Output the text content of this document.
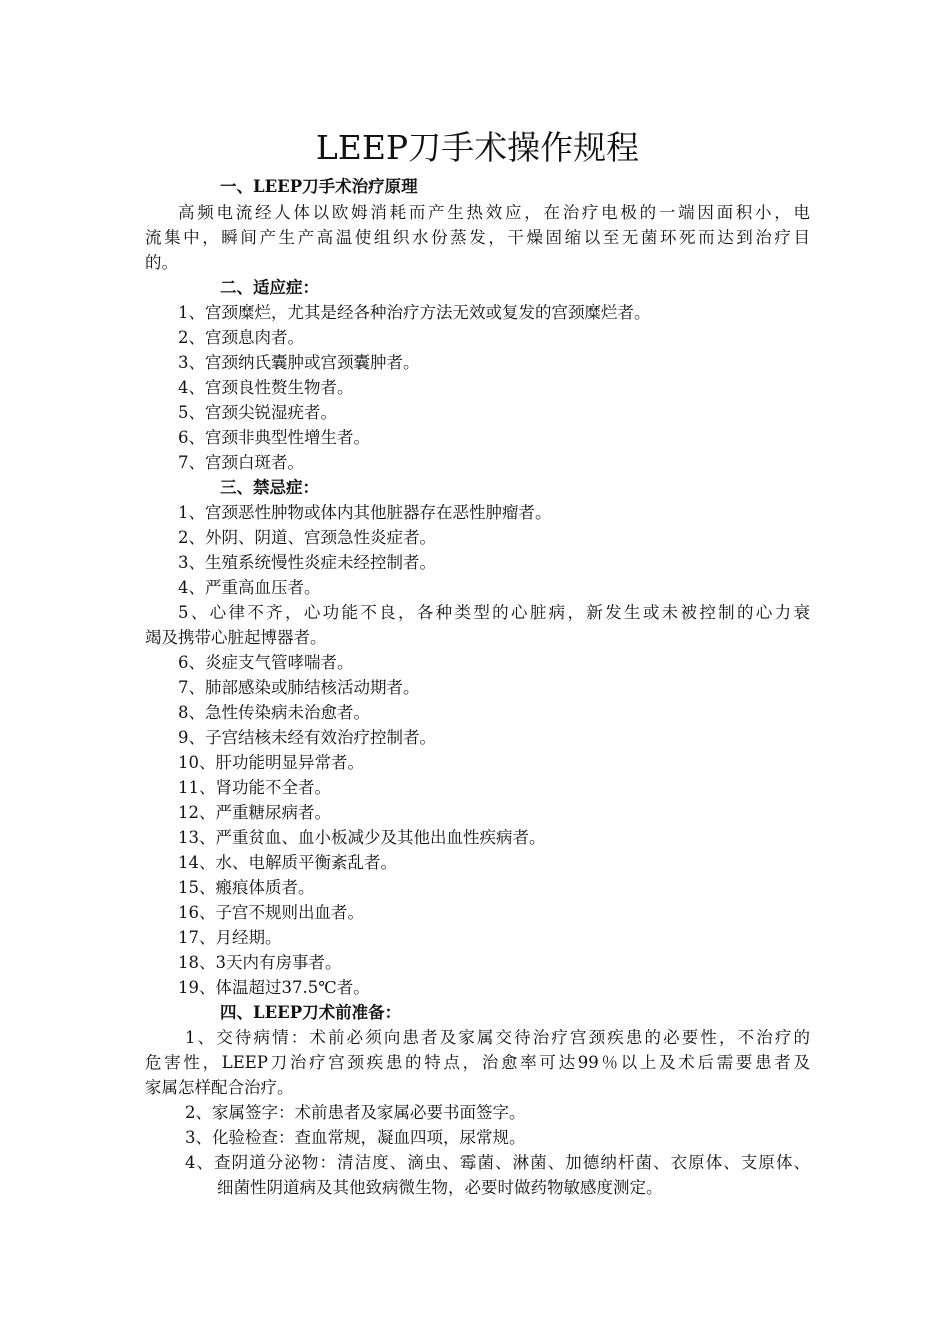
LEEP刀手术操作规程
一、LEEP刀手术治疗原理
高频电流经人体以欧姆消耗而产生热效应，在治疗电极的一端因面积小，电
流集中，瞬间产生产高温使组织水份蒸发，干燥固缩以至无菌环死而达到治疗目
的。
二、适应症：
1、宫颈糜烂，尤其是经各种治疗方法无效或复发的宫颈糜烂者。
2、宫颈息肉者。
3、宫颈纳氏囊肿或宫颈囊肿者。
4、宫颈良性赘生物者。
5、宫颈尖锐湿疣者。
6、宫颈非典型性增生者。
7、宫颈白斑者。
三、禁忌症：
1、宫颈恶性肿物或体内其他脏器存在恶性肿瘤者。
2、外阴、阴道、宫颈急性炎症者。
3、生殖系统慢性炎症未经控制者。
4、严重高血压者。
5、心律不齐，心功能不良，各种类型的心脏病，新发生或未被控制的心力衰
竭及携带心脏起博器者。
6、炎症支气管哮喘者。
7、肺部感染或肺结核活动期者。
8、急性传染病未治愈者。
9、子宫结核未经有效治疗控制者。
10、肝功能明显异常者。
11、肾功能不全者。
12、严重糖尿病者。
13、严重贫血、血小板减少及其他出血性疾病者。
14、水、电解质平衡紊乱者。
15、瘢痕体质者。
16、子宫不规则出血者。
17、月经期。
18、3天内有房事者。
19、体温超过37.5℃者。
四、LEEP刀术前准备：
1、交待病情：术前必须向患者及家属交待治疗宫颈疾患的必要性，不治疗的
危害性，LEEP刀治疗宫颈疾患的特点，治愈率可达99％以上及术后需要患者及
家属怎样配合治疗。
2、家属签字：术前患者及家属必要书面签字。
3、化验检查：查血常规，凝血四项，尿常规。
4、查阴道分泌物：清洁度、滴虫、霉菌、淋菌、加德纳杆菌、衣原体、支原体、
细菌性阴道病及其他致病微生物，必要时做药物敏感度测定。
